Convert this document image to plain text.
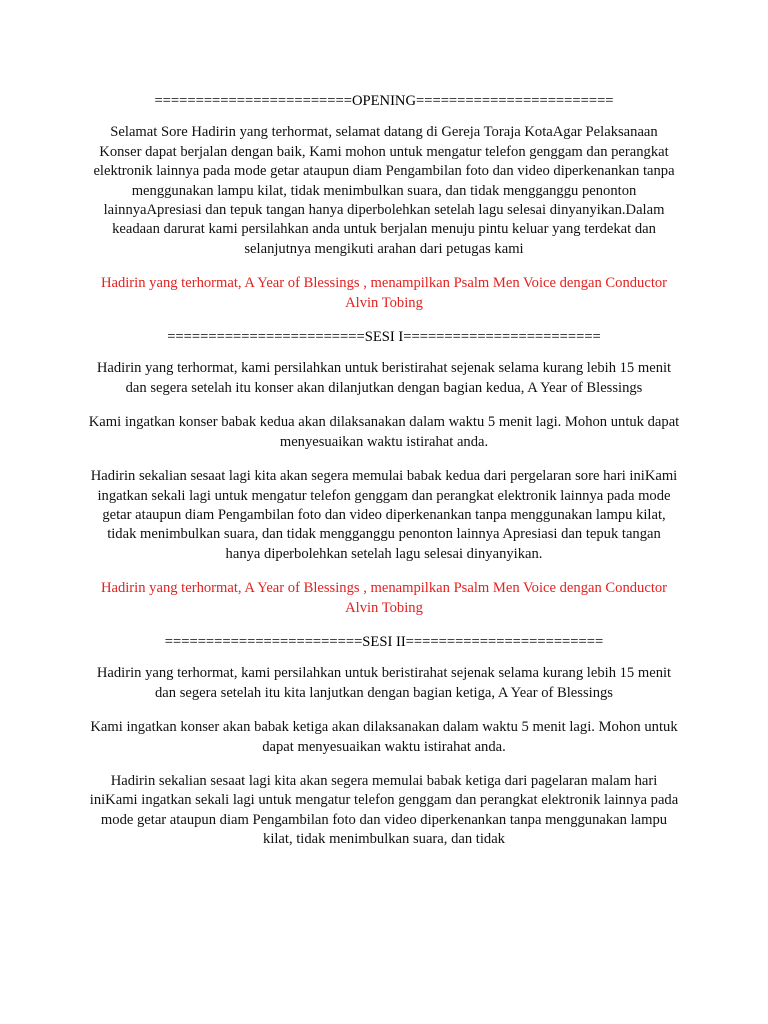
========================OPENING========================

Selamat Sore Hadirin yang terhormat, selamat datang di Gereja Toraja KotaAgar Pelaksanaan Konser dapat berjalan dengan baik, Kami mohon untuk mengatur telefon genggam dan perangkat elektronik lainnya pada mode getar ataupun diam Pengambilan foto dan video diperkenankan tanpa menggunakan lampu kilat, tidak menimbulkan suara, dan tidak mengganggu penonton lainnyaApresiasi dan tepuk tangan hanya diperbolehkan setelah lagu selesai dinyanyikan.Dalam keadaan darurat kami persilahkan anda untuk berjalan menuju pintu keluar yang terdekat dan selanjutnya mengikuti arahan dari petugas kami

Hadirin yang terhormat, A Year of Blessings , menampilkan Psalm Men Voice dengan Conductor Alvin Tobing

========================SESI I========================

Hadirin yang terhormat, kami persilahkan untuk beristirahat sejenak selama kurang lebih 15 menit dan segera setelah itu konser akan dilanjutkan dengan bagian kedua, A Year of Blessings

Kami ingatkan konser babak kedua akan dilaksanakan dalam waktu 5 menit lagi. Mohon untuk dapat menyesuaikan waktu istirahat anda.

Hadirin sekalian sesaat lagi kita akan segera memulai babak kedua dari pergelaran sore hari iniKami ingatkan sekali lagi untuk mengatur telefon genggam dan perangkat elektronik lainnya pada mode getar ataupun diam Pengambilan foto dan video diperkenankan tanpa menggunakan lampu kilat, tidak menimbulkan suara, dan tidak mengganggu penonton lainnya Apresiasi dan tepuk tangan hanya diperbolehkan setelah lagu selesai dinyanyikan.

Hadirin yang terhormat, A Year of Blessings , menampilkan Psalm Men Voice dengan Conductor Alvin Tobing

========================SESI II========================

Hadirin yang terhormat, kami persilahkan untuk beristirahat sejenak selama kurang lebih 15 menit dan segera setelah itu kita lanjutkan dengan bagian ketiga, A Year of Blessings

Kami ingatkan konser akan babak ketiga akan dilaksanakan dalam waktu 5 menit lagi. Mohon untuk dapat menyesuaikan waktu istirahat anda.

Hadirin sekalian sesaat lagi kita akan segera memulai babak ketiga dari pagelaran malam hari iniKami ingatkan sekali lagi untuk mengatur telefon genggam dan perangkat elektronik lainnya pada mode getar ataupun diam Pengambilan foto dan video diperkenankan tanpa menggunakan lampu kilat, tidak menimbulkan suara, dan tidak
